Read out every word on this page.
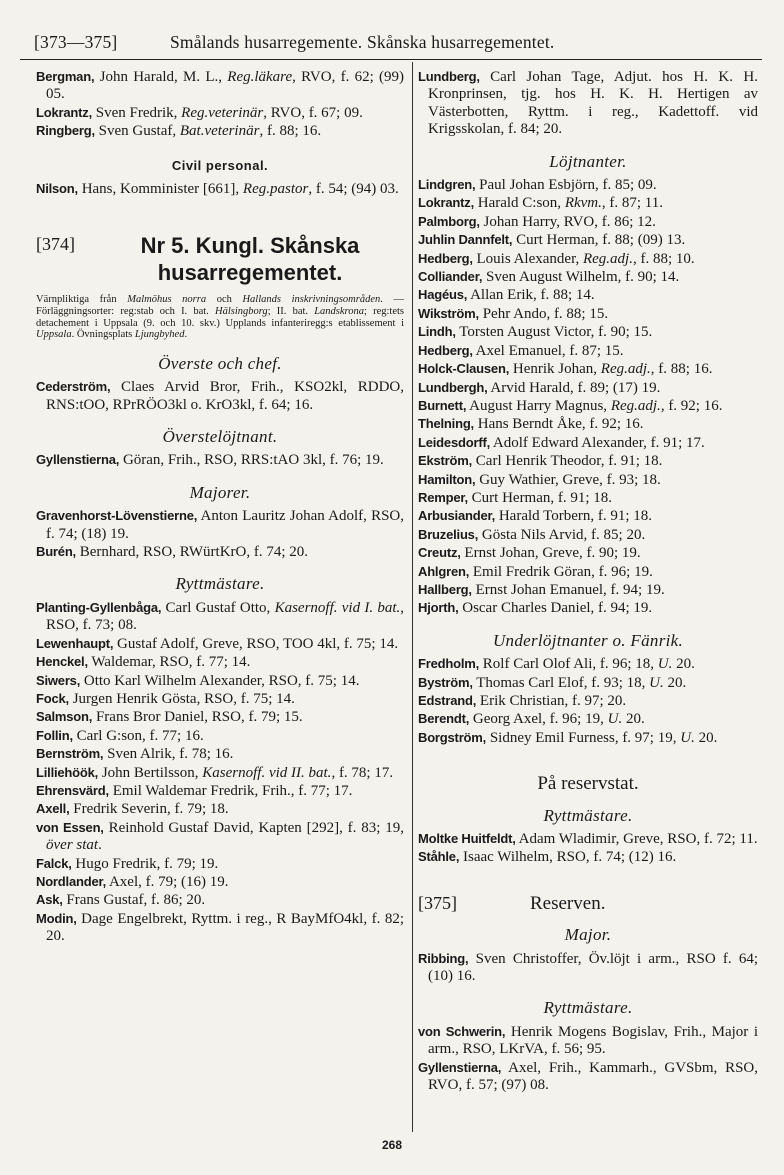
[373—375]	Smålands husarregemente. Skånska husarregementet.
Bergman, John Harald, M. L., Reg.läkare, RVO, f. 62; (99) 05.
Lokrantz, Sven Fredrik, Reg.veterinär, RVO, f. 67; 09.
Ringberg, Sven Gustaf, Bat.veterinär, f. 88; 16.
Civil personal.
Nilson, Hans, Komminister [661], Reg.pastor, f. 54; (94) 03.
[374]	Nr 5. Kungl. Skånska
husarregementet.
Värnpliktiga från Malmöhus norra och Hallands inskrivningsområden. — Förläggningsorter: reg:stab och I. bat. Hälsingborg; II. bat. Landskrona; reg:tets detachement i Uppsala (9. och 10. skv.) Upplands infanteriregg:s etablissement i Uppsala. Övningsplats Ljungbyhed.
Överste och chef.
Cederström, Claes Arvid Bror, Frih., KSO2kl, RDDO, RNS:tOO, RPrRÖO3kl o. KrO3kl, f. 64; 16.
Överstelöjtnant.
Gyllenstierna, Göran, Frih., RSO, RRS:tAO 3kl, f. 76; 19.
Majorer.
Gravenhorst-Lövenstierne, Anton Lauritz Johan Adolf, RSO, f. 74; (18) 19.
Burén, Bernhard, RSO, RWürtKrO, f. 74; 20.
Ryttmästare.
Planting-Gyllenbåga, Carl Gustaf Otto, Kasernoff. vid I. bat., RSO, f. 73; 08.
Lewenhaupt, Gustaf Adolf, Greve, RSO, TOO 4kl, f. 75; 14.
Henckel, Waldemar, RSO, f. 77; 14.
Siwers, Otto Karl Wilhelm Alexander, RSO, f. 75; 14.
Fock, Jurgen Henrik Gösta, RSO, f. 75; 14.
Salmson, Frans Bror Daniel, RSO, f. 79; 15.
Follin, Carl G:son, f. 77; 16.
Bernström, Sven Alrik, f. 78; 16.
Lilliehöök, John Bertilsson, Kasernoff. vid II. bat., f. 78; 17.
Ehrensvärd, Emil Waldemar Fredrik, Frih., f. 77; 17.
Axell, Fredrik Severin, f. 79; 18.
von Essen, Reinhold Gustaf David, Kapten [292], f. 83; 19, över stat.
Falck, Hugo Fredrik, f. 79; 19.
Nordlander, Axel, f. 79; (16) 19.
Ask, Frans Gustaf, f. 86; 20.
Modin, Dage Engelbrekt, Ryttm. i reg., R BayMfO4kl, f. 82; 20.
Lundberg, Carl Johan Tage, Adjut. hos H. K. H. Kronprinsen, tjg. hos H. K. H. Hertigen av Västerbotten, Ryttm. i reg., Kadettoff. vid Krigsskolan, f. 84; 20.
Löjtnanter.
Lindgren, Paul Johan Esbjörn, f. 85; 09.
Lokrantz, Harald C:son, Rkvm., f. 87; 11.
Palmborg, Johan Harry, RVO, f. 86; 12.
Juhlin Dannfelt, Curt Herman, f. 88; (09) 13.
Hedberg, Louis Alexander, Reg.adj., f. 88; 10.
Colliander, Sven August Wilhelm, f. 90; 14.
Hagéus, Allan Erik, f. 88; 14.
Wikström, Pehr Ando, f. 88; 15.
Lindh, Torsten August Victor, f. 90; 15.
Hedberg, Axel Emanuel, f. 87; 15.
Holck-Clausen, Henrik Johan, Reg.adj., f. 88; 16.
Lundbergh, Arvid Harald, f. 89; (17) 19.
Burnett, August Harry Magnus, Reg.adj., f. 92; 16.
Thelning, Hans Berndt Åke, f. 92; 16.
Leidesdorff, Adolf Edward Alexander, f. 91; 17.
Ekström, Carl Henrik Theodor, f. 91; 18.
Hamilton, Guy Wathier, Greve, f. 93; 18.
Remper, Curt Herman, f. 91; 18.
Arbusiander, Harald Torbern, f. 91; 18.
Bruzelius, Gösta Nils Arvid, f. 85; 20.
Creutz, Ernst Johan, Greve, f. 90; 19.
Ahlgren, Emil Fredrik Göran, f. 96; 19.
Hallberg, Ernst Johan Emanuel, f. 94; 19.
Hjorth, Oscar Charles Daniel, f. 94; 19.
Underlöjtnanter o. Fänrik.
Fredholm, Rolf Carl Olof Ali, f. 96; 18, U. 20.
Byström, Thomas Carl Elof, f. 93; 18, U. 20.
Edstrand, Erik Christian, f. 97; 20.
Berendt, Georg Axel, f. 96; 19, U. 20.
Borgström, Sidney Emil Furness, f. 97; 19, U. 20.
På reservstat.
Ryttmästare.
Moltke Huitfeldt, Adam Wladimir, Greve, RSO, f. 72; 11.
Ståhle, Isaac Wilhelm, RSO, f. 74; (12) 16.
[375]	Reserven.
Major.
Ribbing, Sven Christoffer, Öv.löjt i arm., RSO f. 64; (10) 16.
Ryttmästare.
von Schwerin, Henrik Mogens Bogislav, Frih., Major i arm., RSO, LKrVA, f. 56; 95.
Gyllenstierna, Axel, Frih., Kammarh., GVSbm, RSO, RVO, f. 57; (97) 08.
268
